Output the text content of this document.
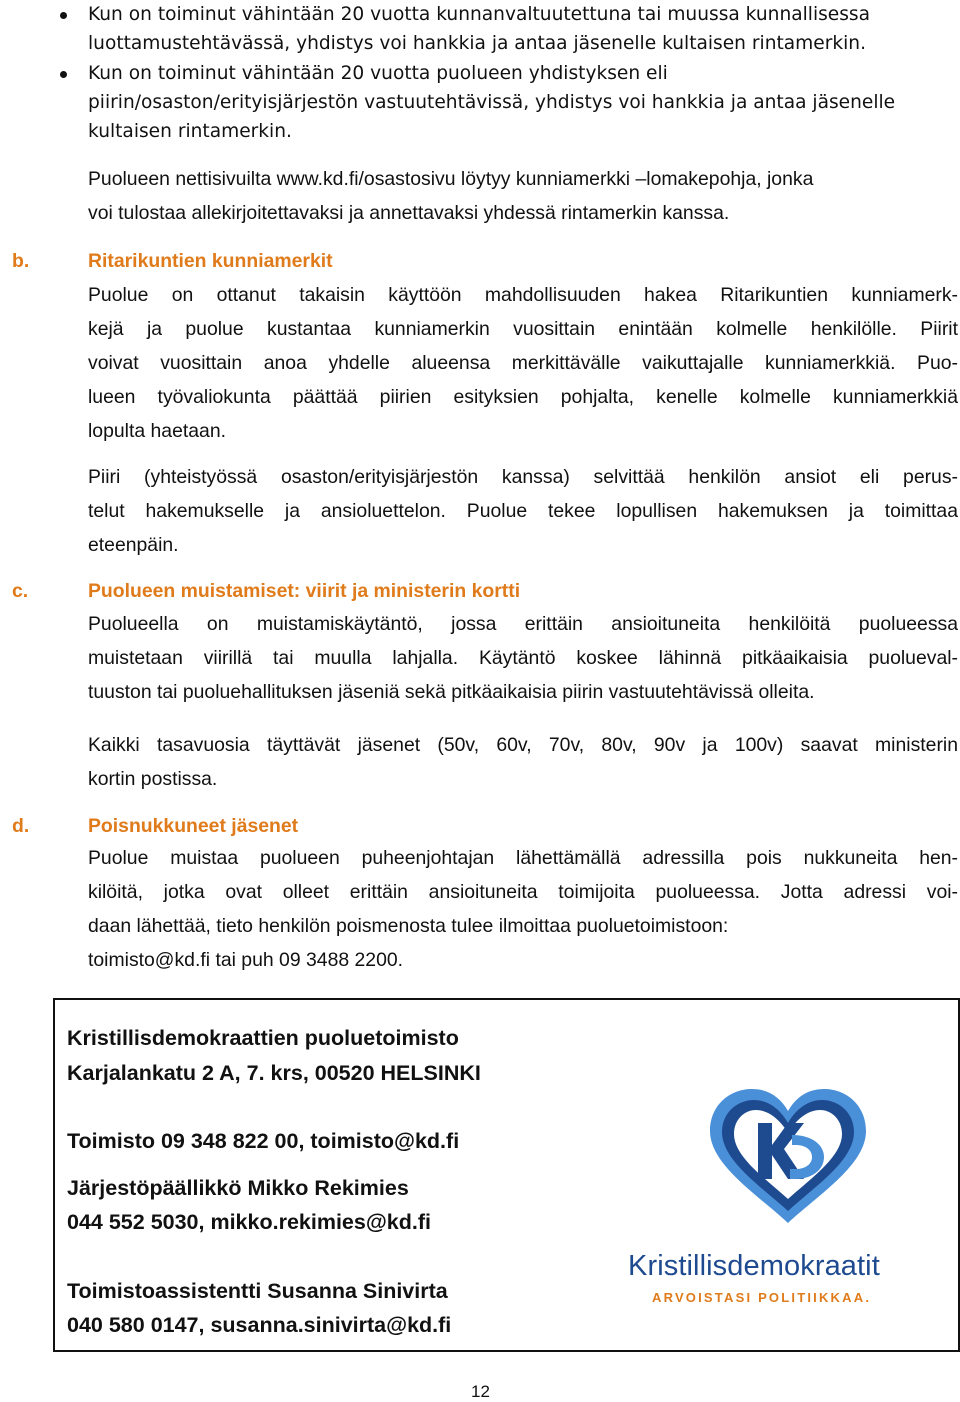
Kun on toiminut vähintään 20 vuotta kunnanvaltuutettuna tai muussa kunnallisessa
luottamustehtävässä, yhdistys voi hankkia ja antaa jäsenelle kultaisen rintamerkin.
Kun on toiminut vähintään 20 vuotta puolueen yhdistyksen eli
piirin/osaston/erityisjärjestön vastuutehtävissä, yhdistys voi hankkia ja antaa jäsenelle
kultaisen rintamerkin.
Puolueen nettisivuilta www.kd.fi/osastosivu löytyy kunniamerkki –lomakepohja, jonka
voi tulostaa allekirjoitettavaksi ja annettavaksi yhdessä rintamerkin kanssa.
b.	Ritarikuntien kunniamerkit
Puolue on ottanut takaisin käyttöön mahdollisuuden hakea Ritarikuntien kunniamerk-
kejä ja puolue kustantaa kunniamerkin vuosittain enintään kolmelle henkilölle. Piirit
voivat vuosittain anoa yhdelle alueensa merkittävälle vaikuttajalle kunniamerkkiä. Puo-
lueen työvaliokunta päättää piirien esityksien pohjalta, kenelle kolmelle kunniamerkkiä
lopulta haetaan.
Piiri (yhteistyössä osaston/erityisjärjestön kanssa) selvittää henkilön ansiot eli perus-
telut hakemukselle ja ansioluettelon. Puolue tekee lopullisen hakemuksen ja toimittaa
eteenpäin.
c.	Puolueen muistamiset: viirit ja ministerin kortti
Puolueella on muistamiskäytäntö, jossa erittäin ansioituneita henkilöitä puolueessa
muistetaan viirillä tai muulla lahjalla. Käytäntö koskee lähinnä pitkäaikaisia puolueval-
tuuston tai puoluehallituksen jäseniä sekä pitkäaikaisia piirin vastuutehtävissä olleita.
Kaikki tasavuosia täyttävät jäsenet (50v, 60v, 70v, 80v, 90v ja 100v) saavat ministerin
kortin postissa.
d.	Poisnukkuneet jäsenet
Puolue muistaa puolueen puheenjohtajan lähettämällä adressilla pois nukkuneita hen-
kilöitä, jotka ovat olleet erittäin ansioituneita toimijoita puolueessa. Jotta adressi voi-
daan lähettää, tieto henkilön poismenosta tulee ilmoittaa puoluetoimistoon:
toimisto@kd.fi tai puh 09 3488 2200.
Kristillisdemokraattien puoluetoimisto
Karjalankatu 2 A, 7. krs, 00520 HELSINKI
Toimisto 09 348 822 00, toimisto@kd.fi
Järjestöpäällikkö Mikko Rekimies
044 552 5030, mikko.rekimies@kd.fi
Toimistoassistentti Susanna Sinivirta
040 580 0147, susanna.sinivirta@kd.fi
Kristillisdemokraatit
ARVOISTASI POLITIIKKAA.
12
